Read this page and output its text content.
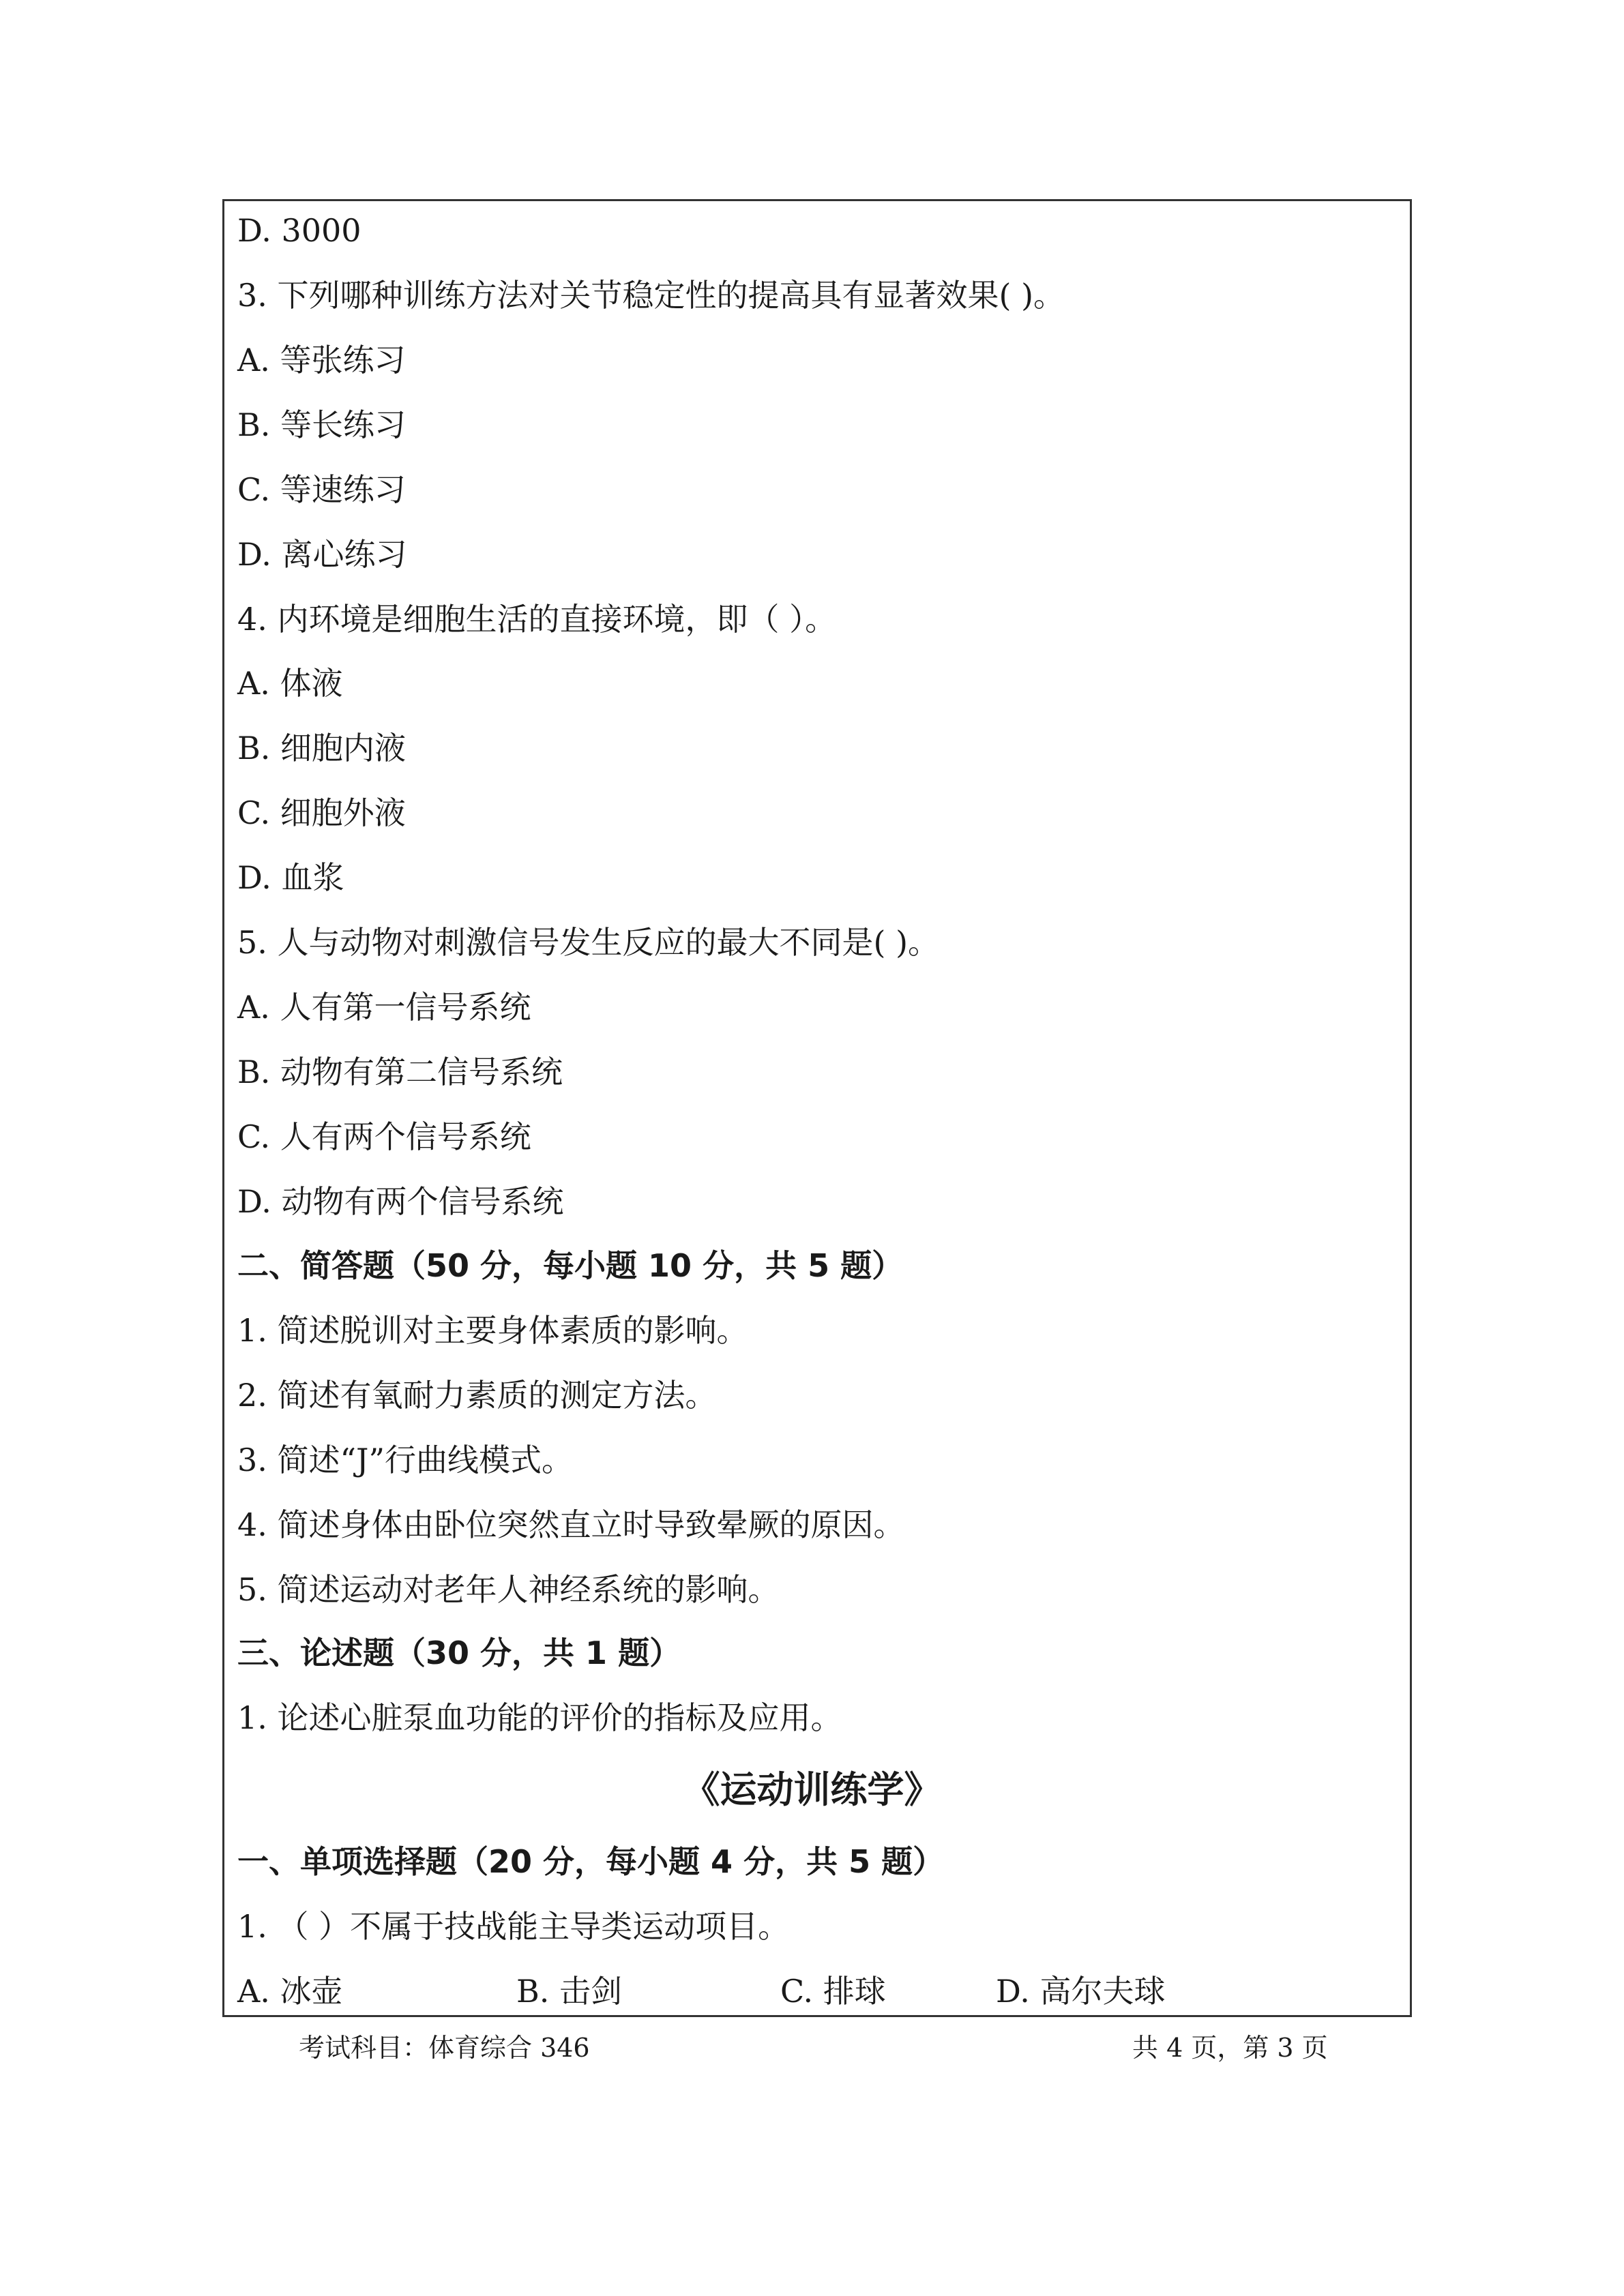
D. 3000
3. 下列哪种训练方法对关节稳定性的提高具有显著效果( )。
A. 等张练习
B. 等长练习
C. 等速练习
D. 离心练习
4. 内环境是细胞生活的直接环境，即（ ）。
A. 体液
B. 细胞内液
C. 细胞外液
D. 血浆
5. 人与动物对刺激信号发生反应的最大不同是( )。
A. 人有第一信号系统
B. 动物有第二信号系统
C. 人有两个信号系统
D. 动物有两个信号系统
二、简答题（50 分，每小题 10 分，共 5 题）
1. 简述脱训对主要身体素质的影响。
2. 简述有氧耐力素质的测定方法。
3. 简述“J”行曲线模式。
4. 简述身体由卧位突然直立时导致晕厥的原因。
5. 简述运动对老年人神经系统的影响。
三、论述题（30 分，共 1 题）
1. 论述心脏泵血功能的评价的指标及应用。
《运动训练学》
一、单项选择题（20 分，每小题 4 分，共 5 题）
1. （ ）不属于技战能主导类运动项目。
A. 冰壶	B. 击剑	C. 排球	D. 高尔夫球
考试科目：体育综合 346	共 4 页，第 3 页
